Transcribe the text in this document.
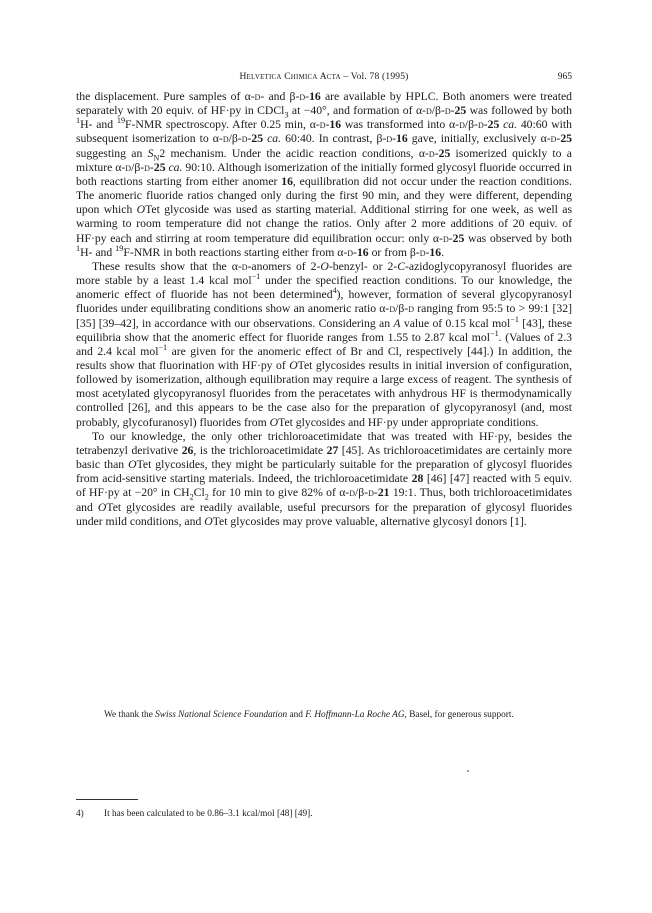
Helvetica Chimica Acta – Vol. 78 (1995)	965

the displacement. Pure samples of α-d- and β-d-16 are available by HPLC. Both anomers were treated separately with 20 equiv. of HF·py in CDCl$_3$ at −40°, and formation of α-d/β-d-25 was followed by both $^1$H- and $^{19}$F-NMR spectroscopy. After 0.25 min, α-d-16 was transformed into α-d/β-d-25 ca. 40:60 with subsequent isomerization to α-d/β-d-25 ca. 60:40. In contrast, β-d-16 gave, initially, exclusively α-d-25 suggesting an $S_N2$ mechanism. Under the acidic reaction conditions, α-d-25 isomerized quickly to a mixture α-d/β-d-25 ca. 90:10. Although isomerization of the initially formed glycosyl fluoride occurred in both reactions starting from either anomer 16, equilibration did not occur under the reaction conditions. The anomeric fluoride ratios changed only during the first 90 min, and they were different, depending upon which OTet glycoside was used as starting material. Additional stirring for one week, as well as warming to room temperature did not change the ratios. Only after 2 more additions of 20 equiv. of HF·py each and stirring at room temperature did equilibration occur: only α-d-25 was observed by both $^1$H- and $^{19}$F-NMR in both reactions starting either from α-d-16 or from β-d-16.

These results show that the α-d-anomers of 2-O-benzyl- or 2-C-azidoglycopyranosyl fluorides are more stable by a least 1.4 kcal mol$^{-1}$ under the specified reaction conditions. To our knowledge, the anomeric effect of fluoride has not been determined$^4$), however, formation of several glycopyranosyl fluorides under equilibrating conditions show an anomeric ratio α-d/β-d ranging from 95:5 to > 99:1 [32] [35] [39–42], in accordance with our observations. Considering an A value of 0.15 kcal mol$^{-1}$ [43], these equilibria show that the anomeric effect for fluoride ranges from 1.55 to 2.87 kcal mol$^{-1}$. (Values of 2.3 and 2.4 kcal mol$^{-1}$ are given for the anomeric effect of Br and Cl, respectively [44].) In addition, the results show that fluorination with HF·py of OTet glycosides results in initial inversion of configuration, followed by isomerization, although equilibration may require a large excess of reagent. The synthesis of most acetylated glycopyranosyl fluorides from the peracetates with anhydrous HF is thermodynamically controlled [26], and this appears to be the case also for the preparation of glycopyranosyl (and, most probably, glycofuranosyl) fluorides from OTet glycosides and HF·py under appropriate conditions.

To our knowledge, the only other trichloroacetimidate that was treated with HF·py, besides the tetrabenzyl derivative 26, is the trichloroacetimidate 27 [45]. As trichloroacetimidates are certainly more basic than OTet glycosides, they might be particularly suitable for the preparation of glycosyl fluorides from acid-sensitive starting materials. Indeed, the trichloroacetimidate 28 [46] [47] reacted with 5 equiv. of HF·py at −20° in $CH_2Cl_2$ for 10 min to give 82% of α-d/β-d-21 19:1. Thus, both trichloroacetimidates and OTet glycosides are readily available, useful precursors for the preparation of glycosyl fluorides under mild conditions, and OTet glycosides may prove valuable, alternative glycosyl donors [1].

We thank the Swiss National Science Foundation and F. Hoffmann-La Roche AG, Basel, for generous support.
4) It has been calculated to be 0.86–3.1 kcal/mol [48] [49].
